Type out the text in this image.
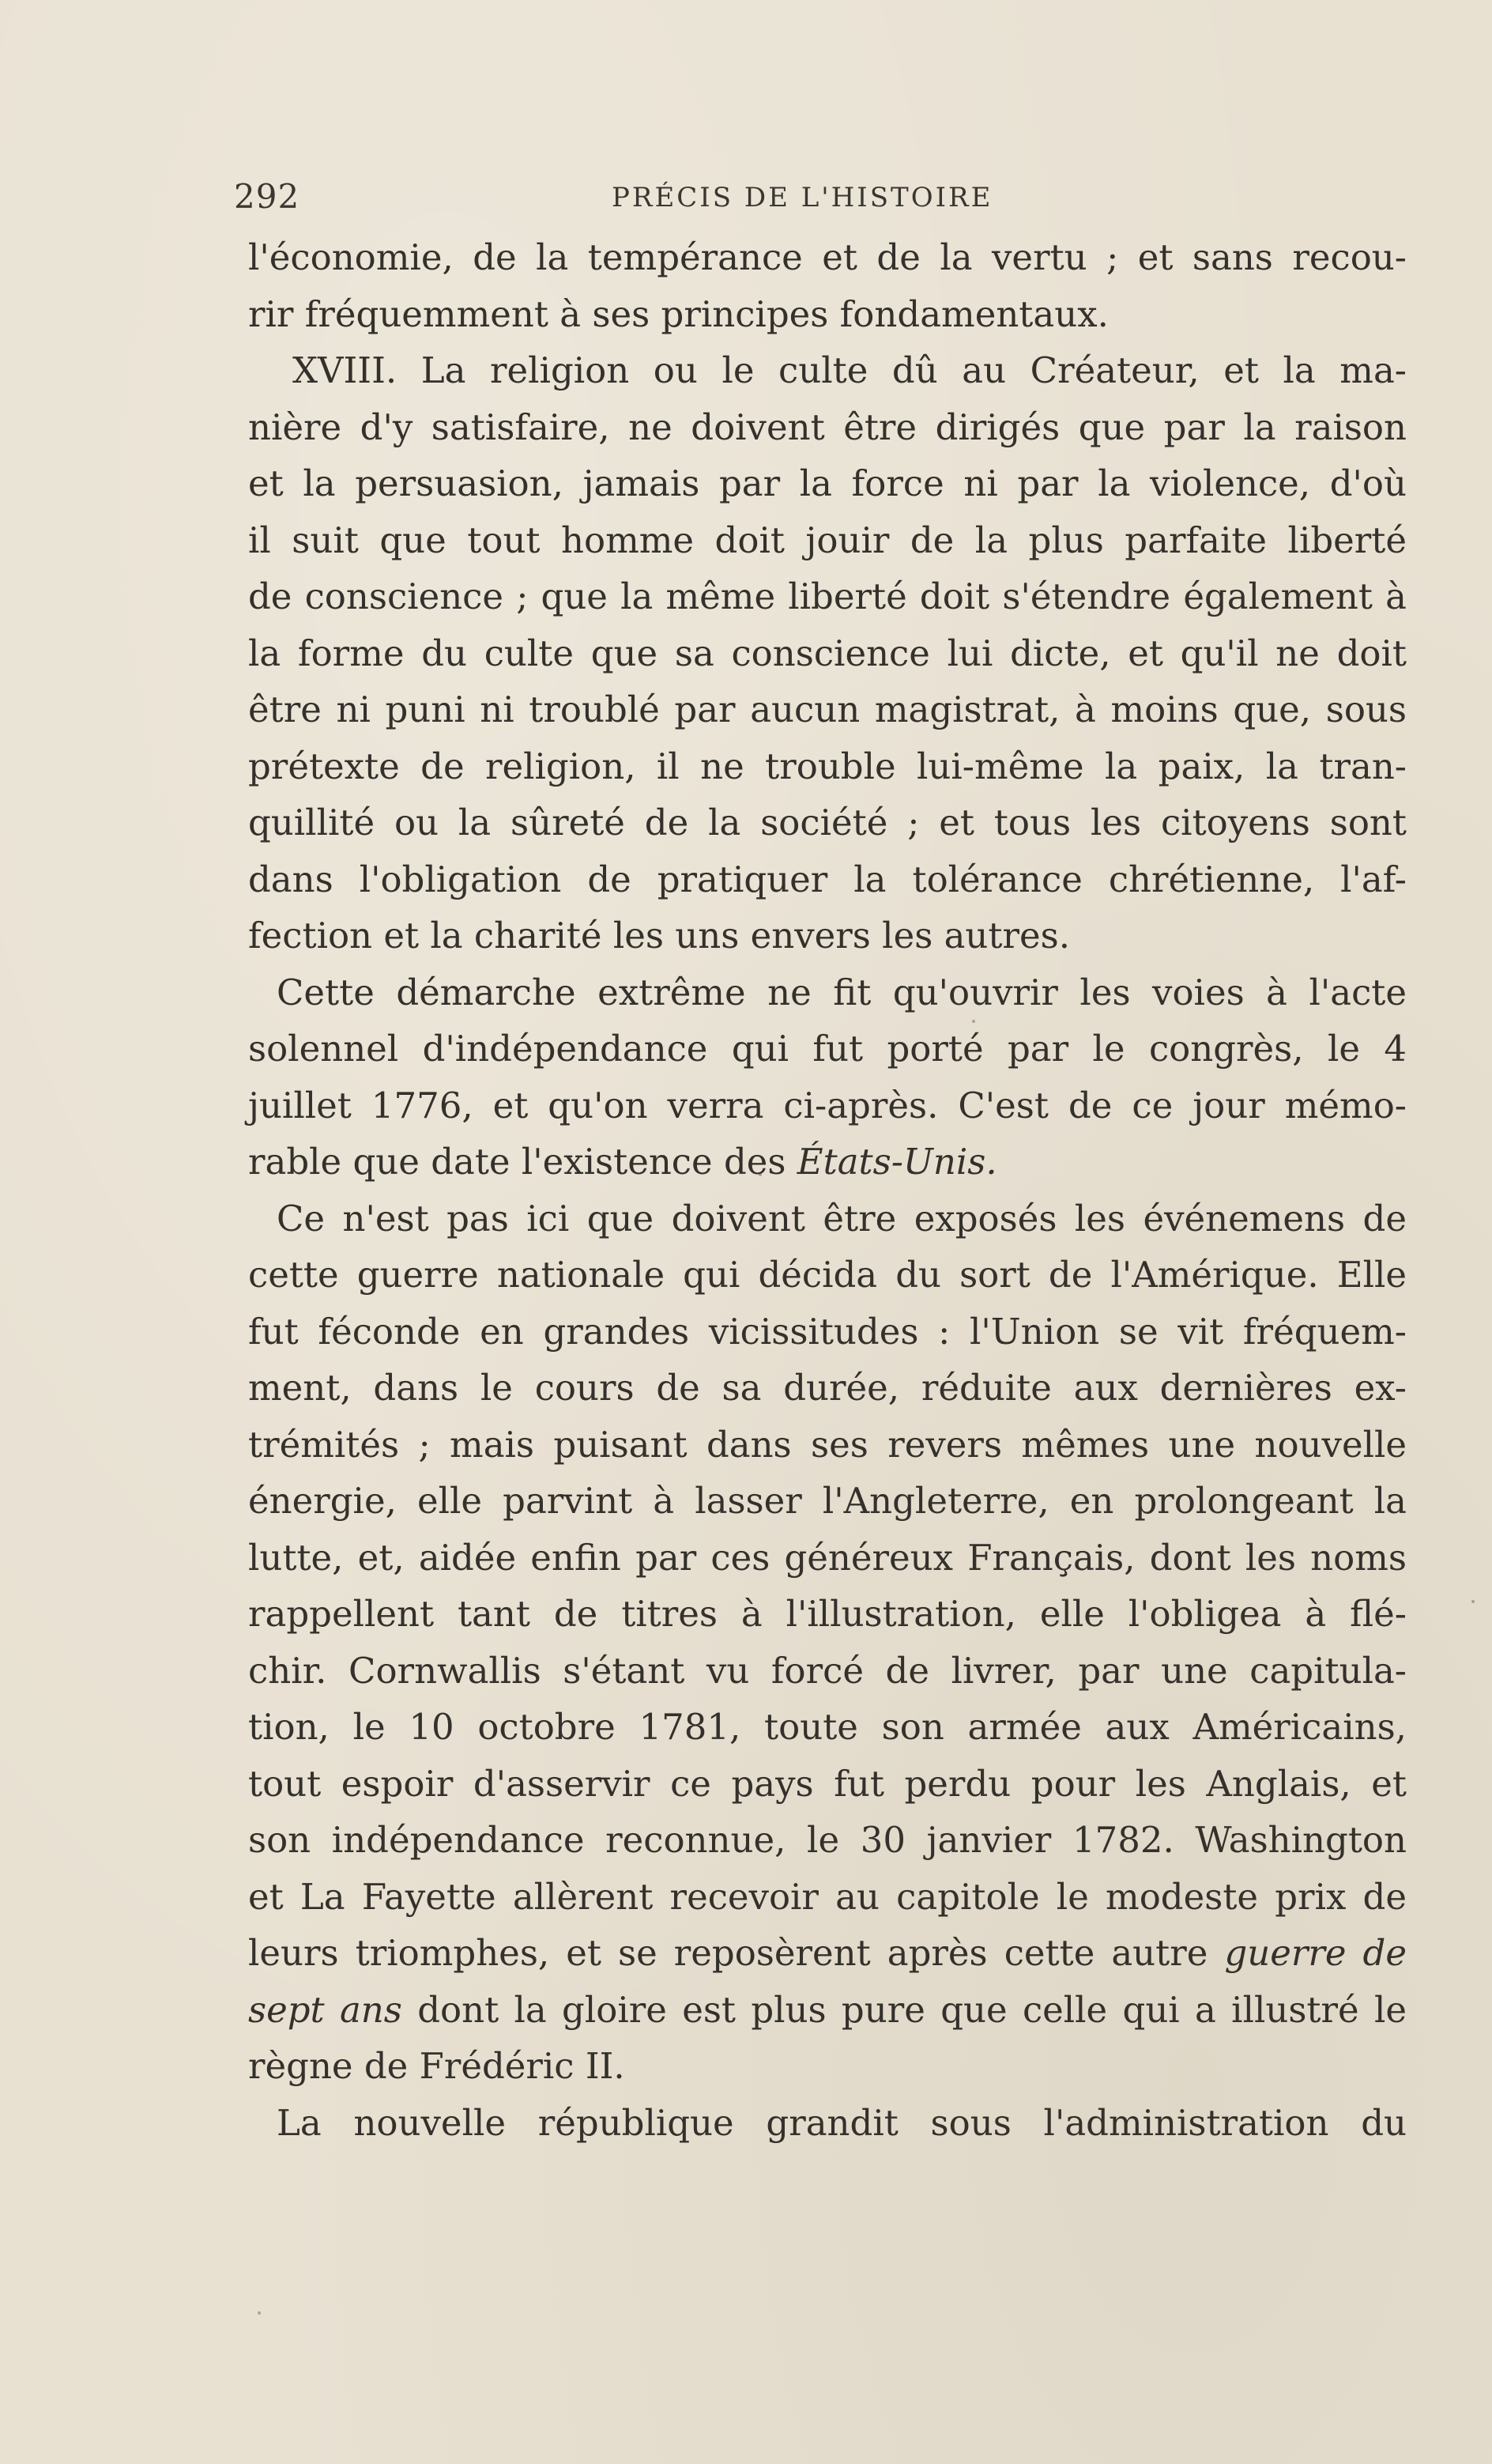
292	PRÉCIS DE L'HISTOIRE
l'économie, de la tempérance et de la vertu ; et sans recou-
rir fréquemment à ses principes fondamentaux.
XVIII. La religion ou le culte dû au Créateur, et la ma-
nière d'y satisfaire, ne doivent être dirigés que par la raison
et la persuasion, jamais par la force ni par la violence, d'où
il suit que tout homme doit jouir de la plus parfaite liberté
de conscience ; que la même liberté doit s'étendre également à
la forme du culte que sa conscience lui dicte, et qu'il ne doit
être ni puni ni troublé par aucun magistrat, à moins que, sous
prétexte de religion, il ne trouble lui-même la paix, la tran-
quillité ou la sûreté de la société ; et tous les citoyens sont
dans l'obligation de pratiquer la tolérance chrétienne, l'af-
fection et la charité les uns envers les autres.
Cette démarche extrême ne fit qu'ouvrir les voies à l'acte
solennel d'indépendance qui fut porté par le congrès, le 4
juillet 1776, et qu'on verra ci-après. C'est de ce jour mémo-
rable que date l'existence des États-Unis.
Ce n'est pas ici que doivent être exposés les événemens de
cette guerre nationale qui décida du sort de l'Amérique. Elle
fut féconde en grandes vicissitudes : l'Union se vit fréquem-
ment, dans le cours de sa durée, réduite aux dernières ex-
trémités ; mais puisant dans ses revers mêmes une nouvelle
énergie, elle parvint à lasser l'Angleterre, en prolongeant la
lutte, et, aidée enfin par ces généreux Français, dont les noms
rappellent tant de titres à l'illustration, elle l'obligea à flé-
chir. Cornwallis s'étant vu forcé de livrer, par une capitula-
tion, le 10 octobre 1781, toute son armée aux Américains,
tout espoir d'asservir ce pays fut perdu pour les Anglais, et
son indépendance reconnue, le 30 janvier 1782. Washington
et La Fayette allèrent recevoir au capitole le modeste prix de
leurs triomphes, et se reposèrent après cette autre guerre de
sept ans dont la gloire est plus pure que celle qui a illustré le
règne de Frédéric II.
La nouvelle république grandit sous l'administration du
